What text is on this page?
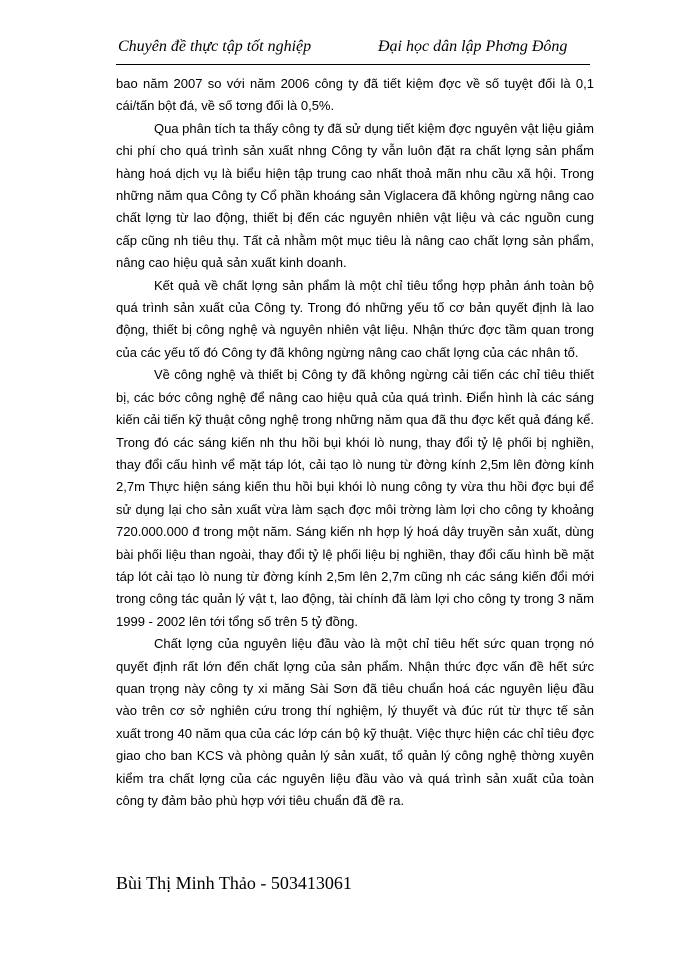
Chuyên đề thực tập tốt nghiệp	Đại học dân lập Phơng Đông

bao năm 2007 so với năm 2006 công ty đã tiết kiệm đợc về số tuyệt đối là 0,1 cái/tấn bột đá, về số tơng đối là 0,5%.

Qua phân tích ta thấy công ty đã sử dụng tiết kiệm đợc nguyên vật liệu giảm chi phí cho quá trình sản xuất nhng Công ty vẫn luôn đặt ra chất lợng sản phẩm hàng hoá dịch vụ là biểu hiện tập trung cao nhất thoả mãn nhu cầu xã hội. Trong những năm qua Công ty Cổ phần khoáng sản Viglacera đã không ngừng nâng cao chất lợng từ lao động, thiết bị đến các nguyên nhiên vật liệu và các nguồn cung cấp cũng nh tiêu thụ. Tất cả nhằm một mục tiêu là nâng cao chất lợng sản phẩm, nâng cao hiệu quả sản xuất kinh doanh.

Kết quả về chất lợng sản phẩm là một chỉ tiêu tổng hợp phản ánh toàn bộ quá trình sản xuất của Công ty. Trong đó những yếu tố cơ bản quyết định là lao động, thiết bị công nghệ và nguyên nhiên vật liệu. Nhận thức đợc tầm quan trong của các yếu tố đó Công ty đã không ngừng nâng cao chất lợng của các nhân tố.

Về công nghệ và thiết bị Công ty đã không ngừng cải tiến các chỉ tiêu thiết bị, các bớc công nghệ để nâng cao hiệu quả của quá trình. Điển hình là các sáng kiến cải tiến kỹ thuật công nghệ trong những năm qua đã thu đợc kết quả đáng kể. Trong đó các sáng kiến nh thu hồi bụi khói lò nung, thay đổi tỷ lệ phối bị nghiền, thay đổi cấu hình vể mặt táp lót, cải tạo lò nung từ đờng kính 2,5m lên đờng kính 2,7m Thực hiện sáng kiến thu hồi bụi khói lò nung công ty vừa thu hồi đợc bụi để sử dụng lại cho sản xuất vừa làm sạch đợc môi trờng làm lợi cho công ty khoảng 720.000.000 đ trong một năm. Sáng kiến nh hợp lý hoá dây truyền sản xuất, dùng bài phối liệu than ngoài, thay đổi tỷ lệ phối liệu bị nghiền, thay đổi cấu hình bề mặt táp lót cải tạo lò nung từ đờng kính 2,5m lên 2,7m cũng nh các sáng kiến đổi mới trong công tác quản lý vật t, lao động, tài chính đã làm lợi cho công ty trong 3 năm 1999 - 2002 lên tới tổng số trên 5 tỷ đồng.

Chất lợng của nguyên liệu đầu vào là một chỉ tiêu hết sức quan trọng nó quyết định rất lớn đến chất lợng của sản phẩm. Nhận thức đợc vấn đề hết sức quan trọng này công ty xi măng Sài Sơn đã tiêu chuẩn hoá các nguyên liệu đầu vào trên cơ sở nghiên cứu trong thí nghiệm, lý thuyết và đúc rút từ thực tế sản xuất trong 40 năm qua của các lớp cán bộ kỹ thuật. Việc thực hiện các chỉ tiêu đợc giao cho ban KCS và phòng quản lý sản xuất, tổ quản lý công nghệ thờng xuyên kiểm tra chất lợng của các nguyên liệu đầu vào và quá trình sản xuất của toàn công ty đảm bảo phù hợp với tiêu chuẩn đã đề ra.

Bùi Thị Minh Thảo - 503413061
